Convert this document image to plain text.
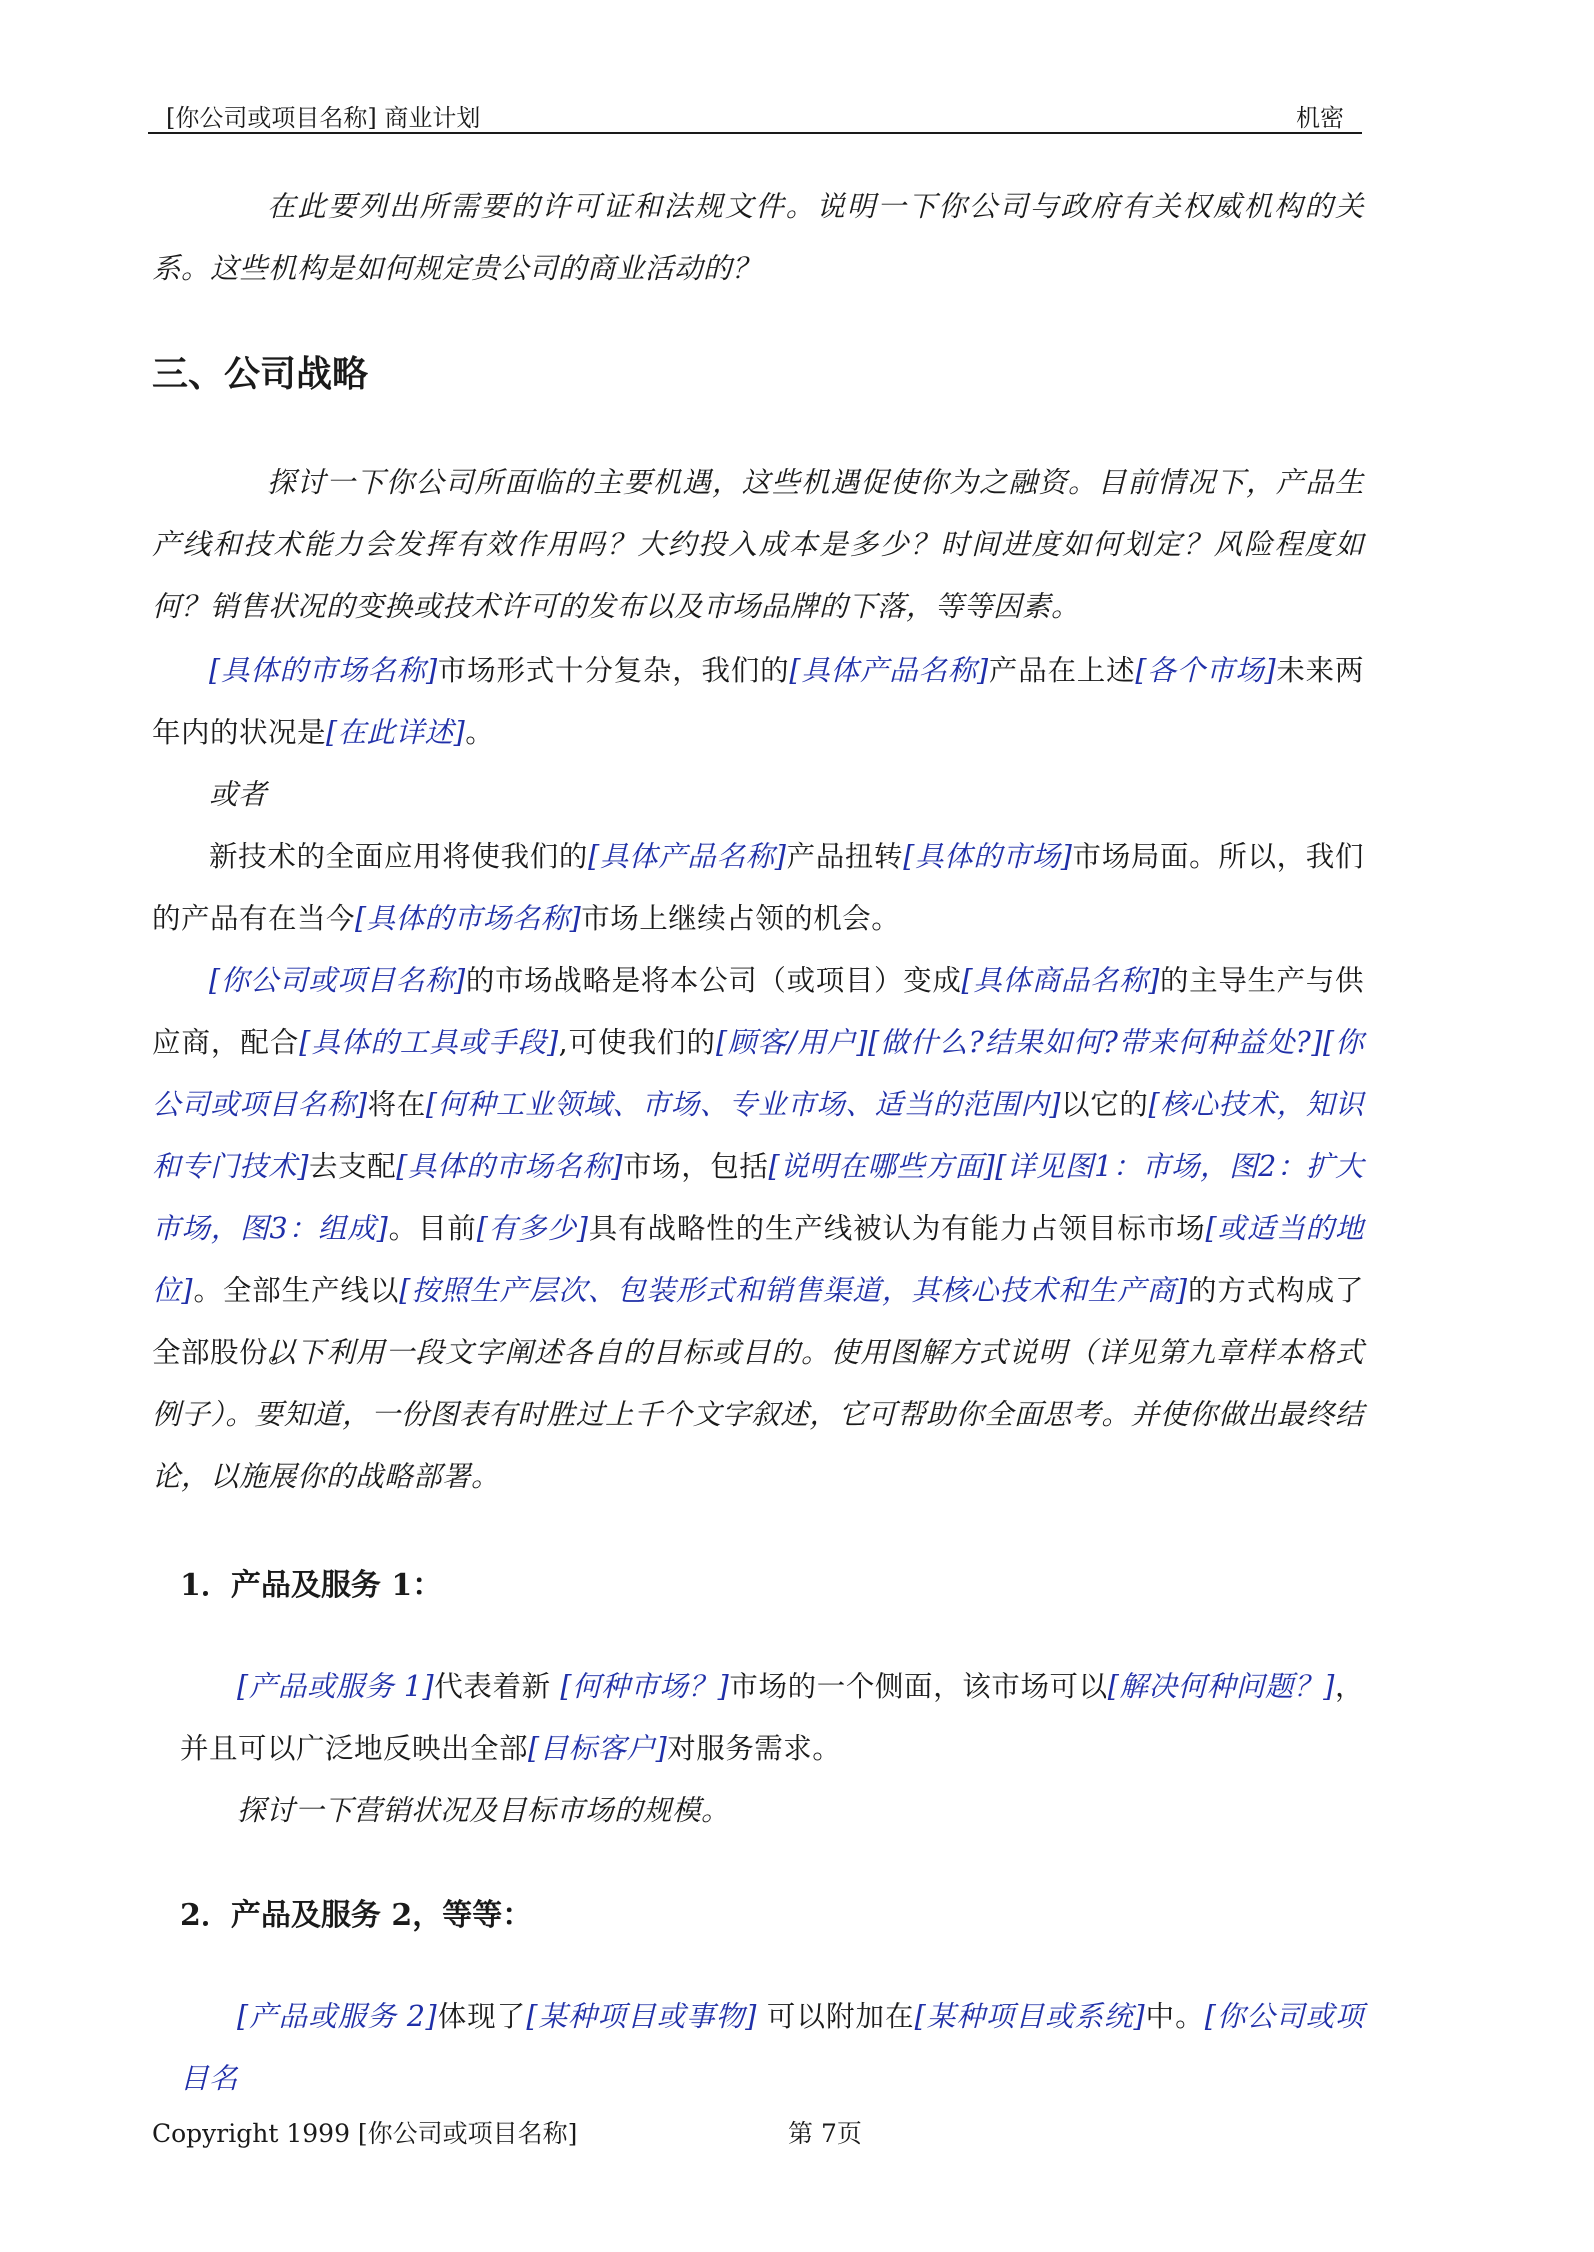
[你公司或项目名称] 商业计划	机密

在此要列出所需要的许可证和法规文件。说明一下你公司与政府有关权威机构的关系。这些机构是如何规定贵公司的商业活动的？

三、公司战略

探讨一下你公司所面临的主要机遇，这些机遇促使你为之融资。目前情况下，产品生产线和技术能力会发挥有效作用吗？大约投入成本是多少？时间进度如何划定？风险程度如何？销售状况的变换或技术许可的发布以及市场品牌的下落，等等因素。

[具体的市场名称]市场形式十分复杂，我们的[具体产品名称]产品在上述[各个市场]未来两年内的状况是[在此详述]。

或者

新技术的全面应用将使我们的[具体产品名称]产品扭转[具体的市场]市场局面。所以，我们的产品有在当今[具体的市场名称]市场上继续占领的机会。

[你公司或项目名称]的市场战略是将本公司（或项目）变成[具体商品名称]的主导生产与供应商，配合[具体的工具或手段],可使我们的[顾客/用户][做什么?结果如何?带来何种益处?][你公司或项目名称]将在[何种工业领域、市场、专业市场、适当的范围内]以它的[核心技术，知识和专门技术]去支配[具体的市场名称]市场，包括[说明在哪些方面][详见图1：市场，图2：扩大市场，图3：组成]。目前[有多少]具有战略性的生产线被认为有能力占领目标市场[或适当的地位]。全部生产线以[按照生产层次、包装形式和销售渠道，其核心技术和生产商]的方式构成了全部股份。

以下利用一段文字阐述各自的目标或目的。使用图解方式说明（详见第九章样本格式例子）。要知道，一份图表有时胜过上千个文字叙述，它可帮助你全面思考。并使你做出最终结论，以施展你的战略部署。

1．产品及服务 1：

[产品或服务 1]代表着新 [何种市场？]市场的一个侧面，该市场可以[解决何种问题？]，并且可以广泛地反映出全部[目标客户]对服务需求。

探讨一下营销状况及目标市场的规模。

2．产品及服务 2，等等：

[产品或服务 2]体现了[某种项目或事物] 可以附加在[某种项目或系统]中。[你公司或项目名

Copyright 1999 [你公司或项目名称]	第 7页
